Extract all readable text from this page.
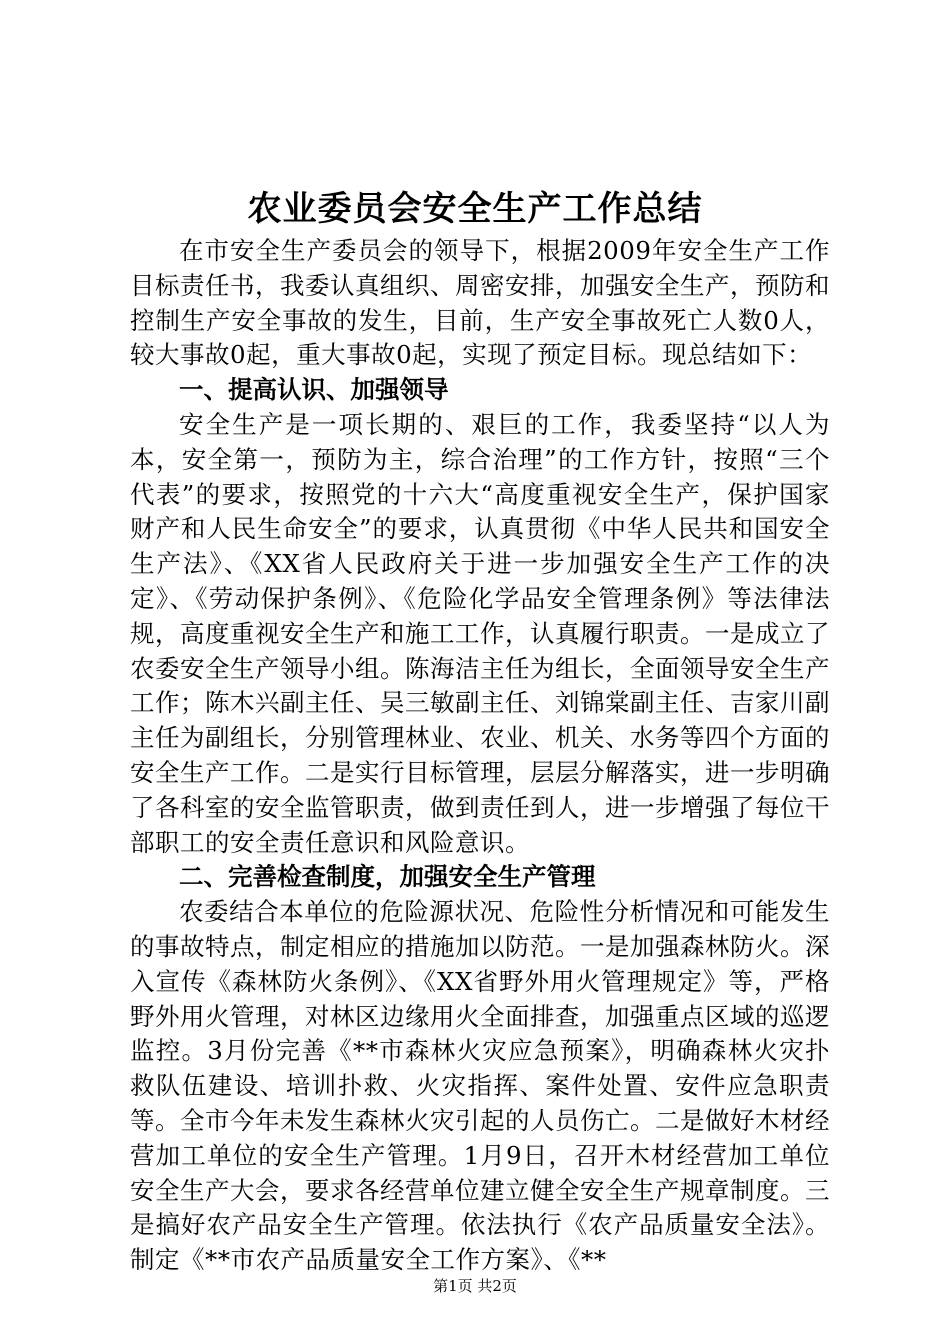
农业委员会安全生产工作总结

在市安全生产委员会的领导下，根据2009年安全生产工作目标责任书，我委认真组织、周密安排，加强安全生产，预防和控制生产安全事故的发生，目前，生产安全事故死亡人数0人，较大事故0起，重大事故0起，实现了预定目标。现总结如下：

一、提高认识、加强领导

安全生产是一项长期的、艰巨的工作，我委坚持“以人为本，安全第一，预防为主，综合治理”的工作方针，按照“三个代表”的要求，按照党的十六大“高度重视安全生产，保护国家财产和人民生命安全”的要求，认真贯彻《中华人民共和国安全生产法》、《XX省人民政府关于进一步加强安全生产工作的决定》、《劳动保护条例》、《危险化学品安全管理条例》等法律法规，高度重视安全生产和施工工作，认真履行职责。一是成立了农委安全生产领导小组。陈海洁主任为组长，全面领导安全生产工作；陈木兴副主任、吴三敏副主任、刘锦棠副主任、吉家川副主任为副组长，分别管理林业、农业、机关、水务等四个方面的安全生产工作。二是实行目标管理，层层分解落实，进一步明确了各科室的安全监管职责，做到责任到人，进一步增强了每位干部职工的安全责任意识和风险意识。

二、完善检查制度，加强安全生产管理

农委结合本单位的危险源状况、危险性分析情况和可能发生的事故特点，制定相应的措施加以防范。一是加强森林防火。深入宣传《森林防火条例》、《XX省野外用火管理规定》等，严格野外用火管理，对林区边缘用火全面排查，加强重点区域的巡逻监控。3月份完善《**市森林火灾应急预案》，明确森林火灾扑救队伍建设、培训扑救、火灾指挥、案件处置、安件应急职责等。全市今年未发生森林火灾引起的人员伤亡。二是做好木材经营加工单位的安全生产管理。1月9日，召开木材经营加工单位安全生产大会，要求各经营单位建立健全安全生产规章制度。三是搞好农产品安全生产管理。依法执行《农产品质量安全法》。制定《**市农产品质量安全工作方案》、《**

第1页 共2页
